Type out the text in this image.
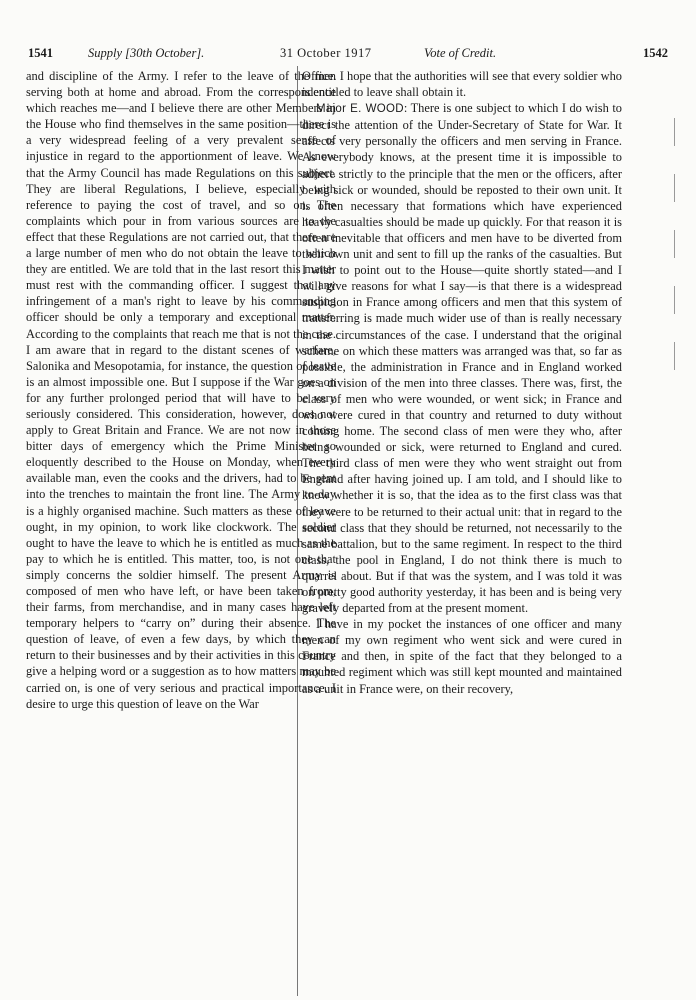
1541	Supply [30th October].	31 October 1917	Vote of Credit.	1542

and discipline of the Army. I refer to the leave of the men serving both at home and abroad. From the correspondence which reaches me—and I believe there are other Members in the House who find themselves in the same position—there is a very widespread feeling of a very prevalent sense of injustice in regard to the apportionment of leave. We know that the Army Council has made Regulations on this subject. They are liberal Regulations, I believe, especially with reference to paying the cost of travel, and so on. The complaints which pour in from various sources are to the effect that these Regulations are not carried out, that there are a large number of men who do not obtain the leave to which they are entitled. We are told that in the last resort this matter must rest with the commanding officer. I suggest that any infringement of a man's right to leave by his commanding officer should be only a temporary and exceptional matter. According to the complaints that reach me that is not the case. I am aware that in regard to the distant scenes of warfare, Salonika and Mesopotamia, for instance, the question of leave is an almost impossible one. But I suppose if the War goes on for any further prolonged period that will have to be very seriously considered. This consideration, however, does not apply to Great Britain and France. We are not now in those bitter days of emergency which the Prime Minister so eloquently described to the House on Monday, when every available man, even the cooks and the drivers, had to be sent into the trenches to maintain the front line. The Army to-day is a highly organised machine. Such matters as these of leave ought, in my opinion, to work like clockwork. The soldier ought to have the leave to which he is entitled as much as the pay to which he is entitled. This matter, too, is not one that simply concerns the soldier himself. The present Army is composed of men who have left, or have been taken from, their farms, from merchandise, and in many cases have left temporary helpers to “carry on” during their absence. The question of leave, of even a few days, by which they can return to their businesses and by their activities in this country give a helping word or a suggestion as to how matters may be carried on, is one of very serious and practical importance. I desire to urge this question of leave on the War

Office. I hope that the authorities will see that every soldier who is entitled to leave shall obtain it.

Major E. WOOD: There is one subject to which I do wish to direct the attention of the Under-Secretary of State for War. It affects very personally the officers and men serving in France. As everybody knows, at the present time it is impossible to adhere strictly to the principle that the men or the officers, after being sick or wounded, should be reposted to their own unit. It is often necessary that formations which have experienced heavy casualties should be made up quickly. For that reason it is often inevitable that officers and men have to be diverted from their own unit and sent to fill up the ranks of the casualties. But I wish to point out to the House—quite shortly stated—and I will give reasons for what I say—is that there is a widespread suspicion in France among officers and men that this system of transferring is made much wider use of than is really necessary in the circumstances of the case. I understand that the original scheme on which these matters was arranged was that, so far as possible, the administration in France and in England worked on a division of the men into three classes. There was, first, the class of men who were wounded, or went sick; in France and who were cured in that country and returned to duty without coming home. The second class of men were they who, after being wounded or sick, were returned to England and cured. The third class of men were they who went straight out from England after having joined up. I am told, and I should like to know whether it is so, that the idea as to the first class was that they were to be returned to their actual unit: that in regard to the second class that they should be returned, not necessarily to the same battalion, but to the same regiment. In respect to the third class, the pool in England, I do not think there is much to quarrel about. But if that was the system, and I was told it was on pretty good authority yesterday, it has been and is being very gravely departed from at the present moment.

I have in my pocket the instances of one officer and many men of my own regiment who went sick and were cured in France and then, in spite of the fact that they belonged to a mounted regiment which was still kept mounted and maintained as a unit in France were, on their recovery,
